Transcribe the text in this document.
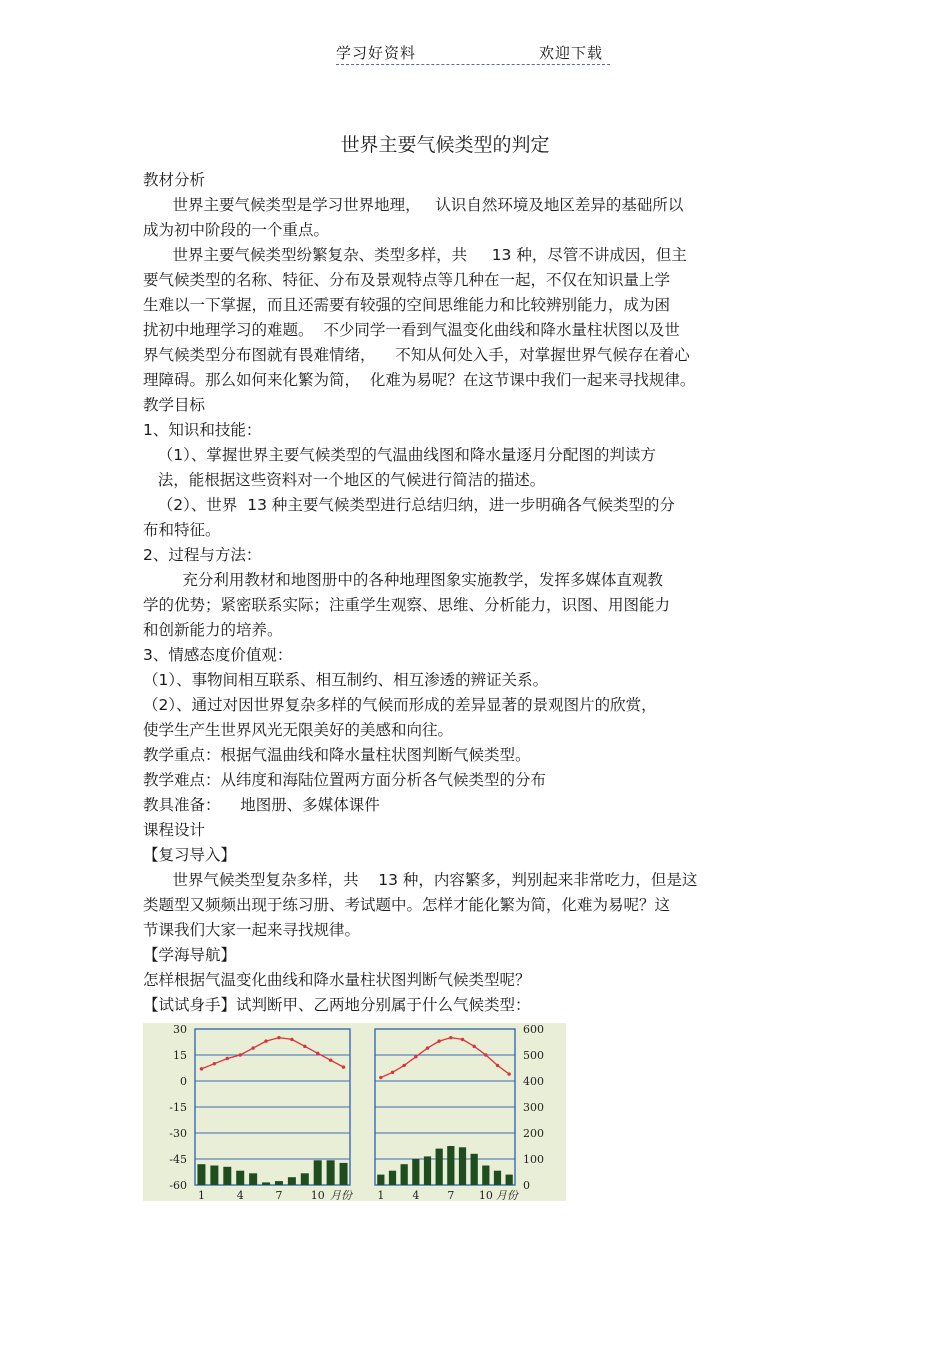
学习好资料	欢迎下载
世界主要气候类型的判定
教材分析
世界主要气候类型是学习世界地理，   认识自然环境及地区差异的基础所以
成为初中阶段的一个重点。
世界主要气候类型纷繁复杂、类型多样，共     13 种，尽管不讲成因，但主
要气候类型的名称、特征、分布及景观特点等几种在一起，不仅在知识量上学
生难以一下掌握，而且还需要有较强的空间思维能力和比较辨别能力，成为困
扰初中地理学习的难题。  不少同学一看到气温变化曲线和降水量柱状图以及世
界气候类型分布图就有畏难情绪，    不知从何处入手，对掌握世界气候存在着心
理障碍。那么如何来化繁为简，  化难为易呢？在这节课中我们一起来寻找规律。
教学目标
1、知识和技能：
（1）、掌握世界主要气候类型的气温曲线图和降水量逐月分配图的判读方
法，能根据这些资料对一个地区的气候进行简洁的描述。
（2）、世界  13 种主要气候类型进行总结归纳，进一步明确各气候类型的分
布和特征。
2、过程与方法：
充分利用教材和地图册中的各种地理图象实施教学，发挥多媒体直观教
学的优势；紧密联系实际；注重学生观察、思维、分析能力，识图、用图能力
和创新能力的培养。
3、情感态度价值观：
（1）、事物间相互联系、相互制约、相互渗透的辨证关系。
（2）、通过对因世界复杂多样的气候而形成的差异显著的景观图片的欣赏，
使学生产生世界风光无限美好的美感和向往。
教学重点：根据气温曲线和降水量柱状图判断气候类型。
教学难点：从纬度和海陆位置两方面分析各气候类型的分布
教具准备：    地图册、多媒体课件
课程设计
【复习导入】
世界气候类型复杂多样，共    13 种，内容繁多，判别起来非常吃力，但是这
类题型又频频出现于练习册、考试题中。怎样才能化繁为简，化难为易呢？这
节课我们大家一起来寻找规律。
【学海导航】
怎样根据气温变化曲线和降水量柱状图判断气候类型呢？
【试试身手】试判断甲、乙两地分别属于什么气候类型：
30
15
0
-15
-30
-45
-60
1	4	7	10 月份
600
500
400
300
200
100
0
1	4	7 10 月份
